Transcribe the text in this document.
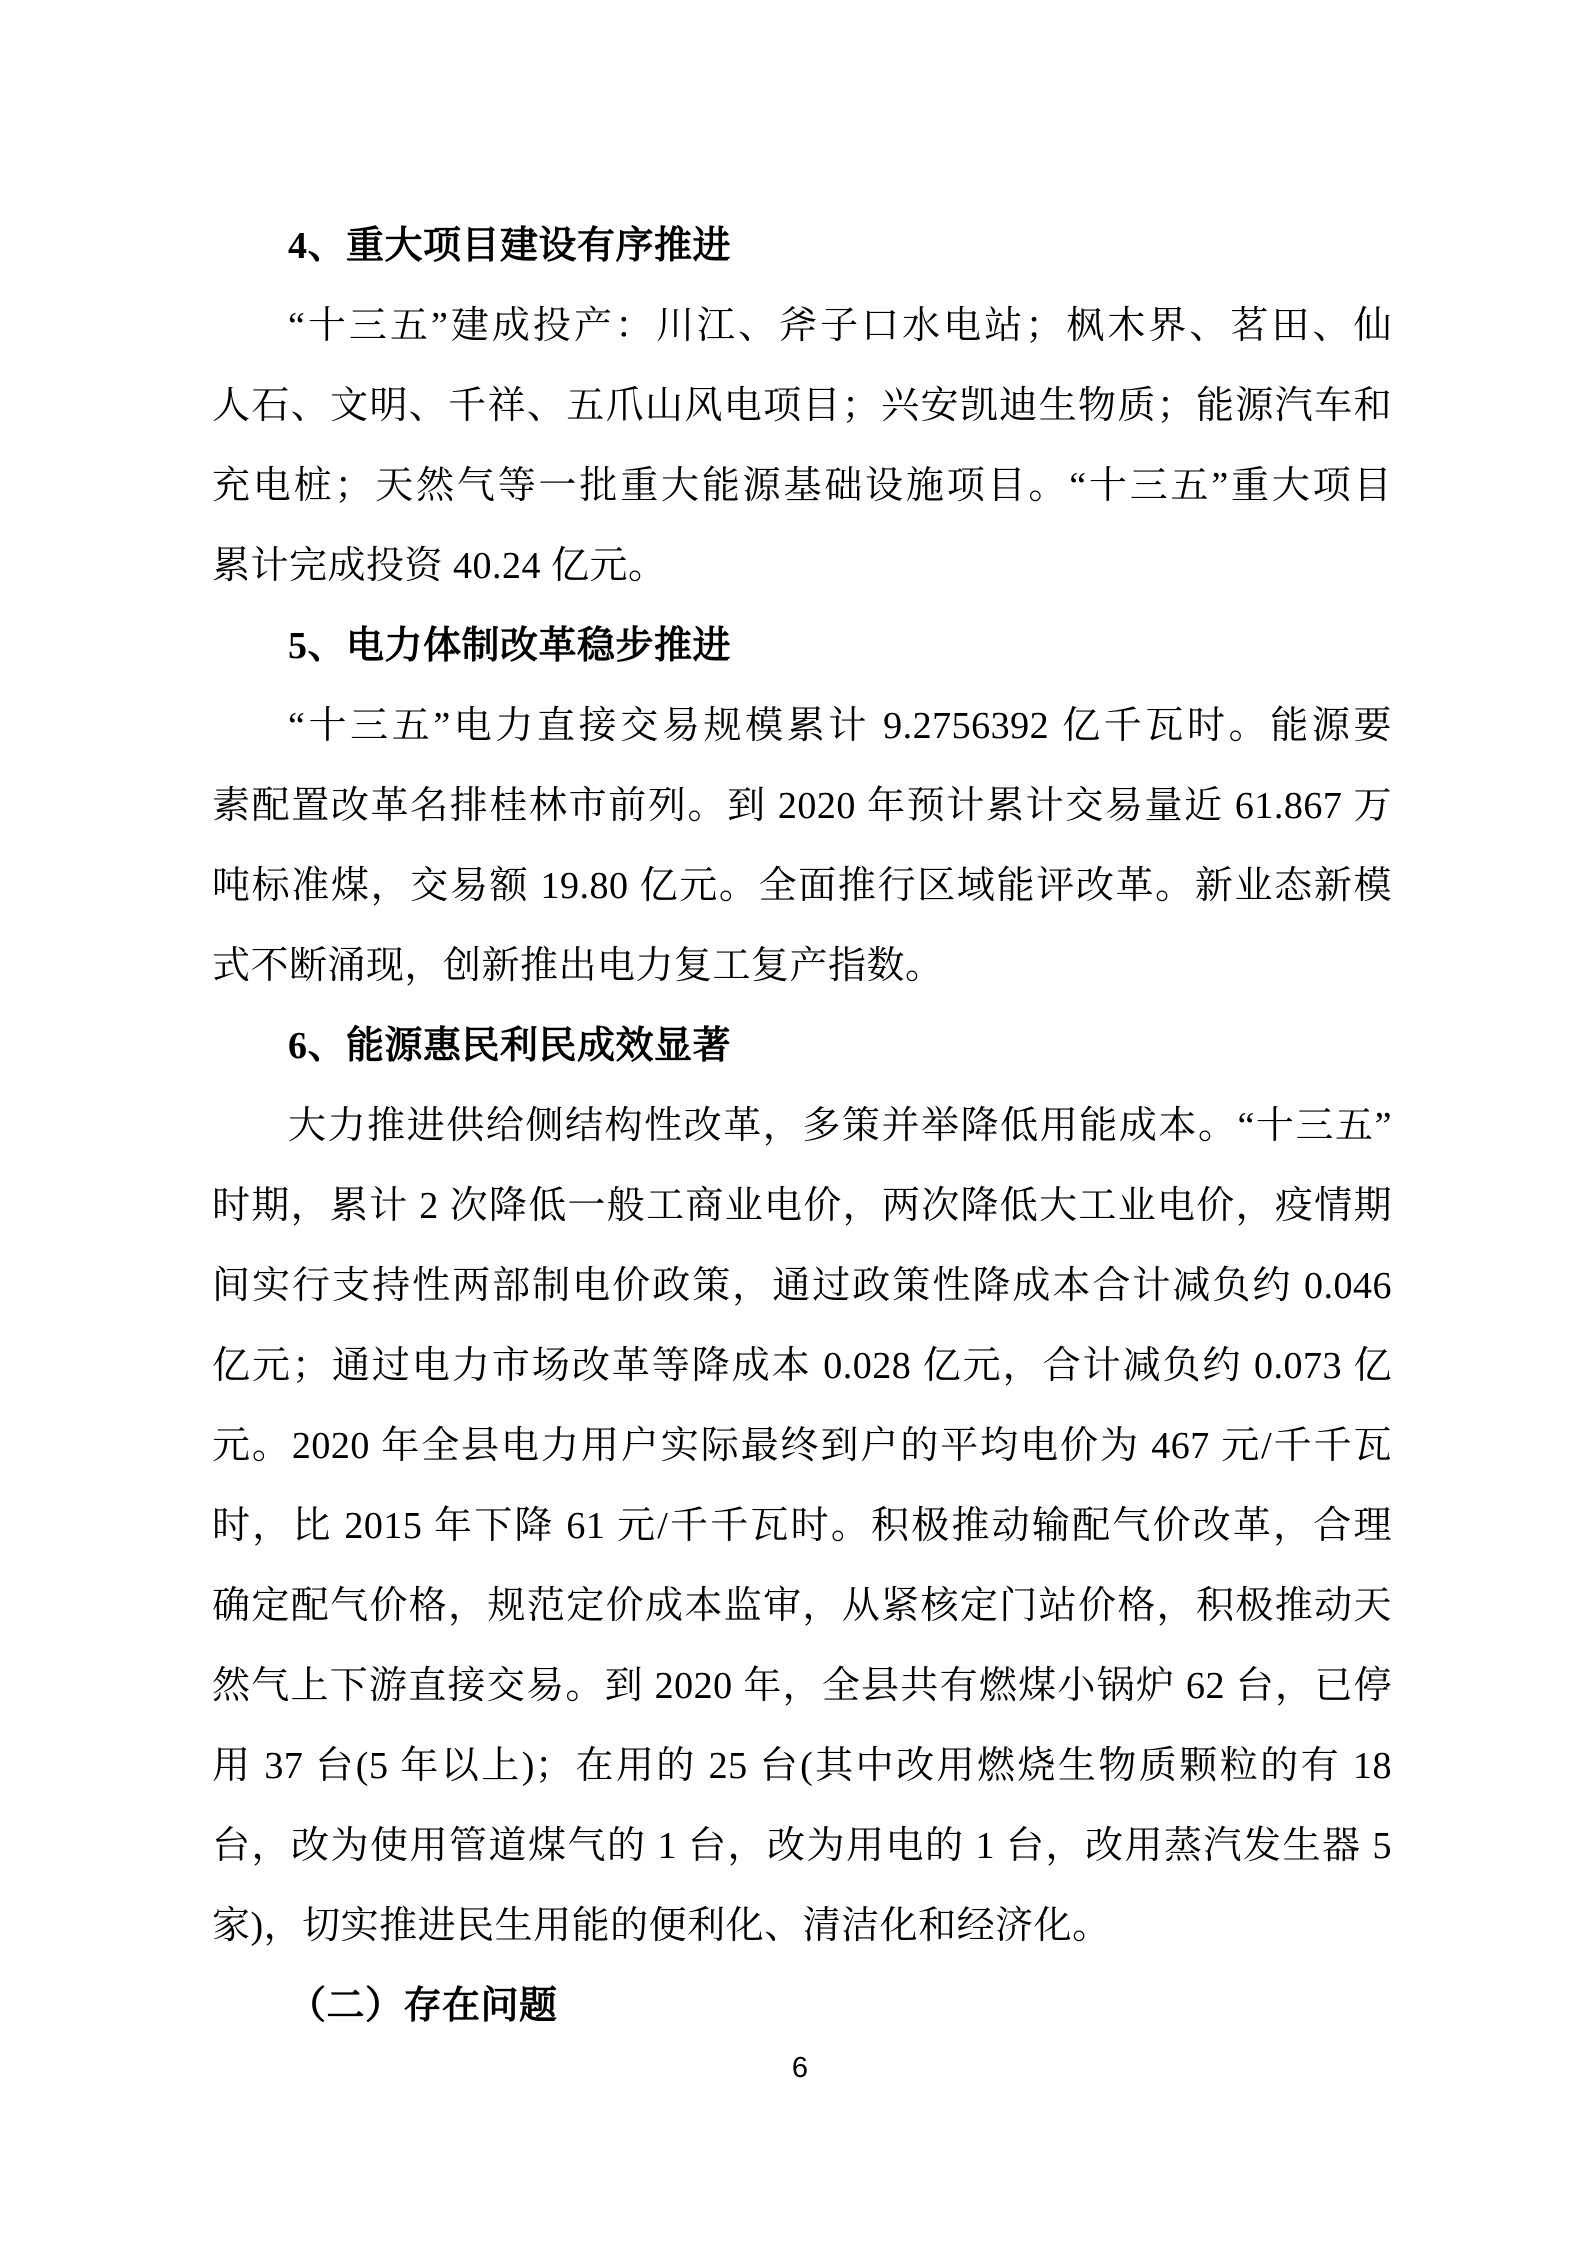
4、重大项目建设有序推进
“十三五”建成投产：川江、斧子口水电站；枫木界、茗田、仙
人石、文明、千祥、五爪山风电项目；兴安凯迪生物质；能源汽车和
充电桩；天然气等一批重大能源基础设施项目。“十三五”重大项目
累计完成投资 40.24 亿元。
5、电力体制改革稳步推进
“十三五”电力直接交易规模累计 9.2756392 亿千瓦时。能源要
素配置改革名排桂林市前列。到 2020 年预计累计交易量近 61.867 万
吨标准煤，交易额 19.80 亿元。全面推行区域能评改革。新业态新模
式不断涌现，创新推出电力复工复产指数。
6、能源惠民利民成效显著
大力推进供给侧结构性改革，多策并举降低用能成本。“十三五”
时期，累计 2 次降低一般工商业电价，两次降低大工业电价，疫情期
间实行支持性两部制电价政策，通过政策性降成本合计减负约 0.046
亿元；通过电力市场改革等降成本 0.028 亿元，合计减负约 0.073 亿
元。2020 年全县电力用户实际最终到户的平均电价为 467 元/千千瓦
时，比 2015 年下降 61 元/千千瓦时。积极推动输配气价改革，合理
确定配气价格，规范定价成本监审，从紧核定门站价格，积极推动天
然气上下游直接交易。到 2020 年，全县共有燃煤小锅炉 62 台，已停
用 37 台(5 年以上)；在用的 25 台(其中改用燃烧生物质颗粒的有 18
台，改为使用管道煤气的 1 台，改为用电的 1 台，改用蒸汽发生器 5
家)，切实推进民生用能的便利化、清洁化和经济化。
（二）存在问题
6
